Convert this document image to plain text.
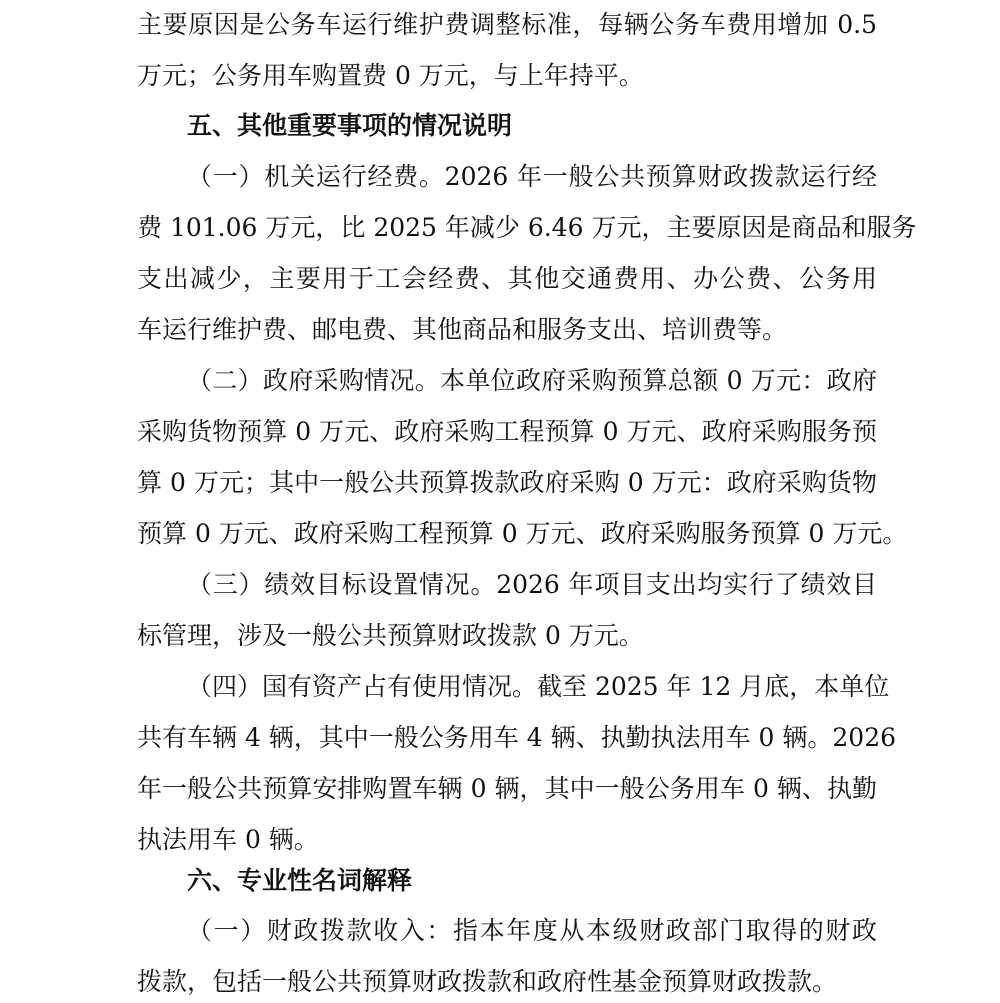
主要原因是公务车运行维护费调整标准，每辆公务车费用增加 0.5
万元；公务用车购置费 0 万元，与上年持平。
五、其他重要事项的情况说明
（一）机关运行经费。2026 年一般公共预算财政拨款运行经
费 101.06 万元，比 2025 年减少 6.46 万元，主要原因是商品和服务
支出减少，主要用于工会经费、其他交通费用、办公费、公务用
车运行维护费、邮电费、其他商品和服务支出、培训费等。
（二）政府采购情况。本单位政府采购预算总额 0 万元：政府
采购货物预算 0 万元、政府采购工程预算 0 万元、政府采购服务预
算 0 万元；其中一般公共预算拨款政府采购 0 万元：政府采购货物
预算 0 万元、政府采购工程预算 0 万元、政府采购服务预算 0 万元。
（三）绩效目标设置情况。2026 年项目支出均实行了绩效目
标管理，涉及一般公共预算财政拨款 0 万元。
（四）国有资产占有使用情况。截至 2025 年 12 月底，本单位
共有车辆 4 辆，其中一般公务用车 4 辆、执勤执法用车 0 辆。2026
年一般公共预算安排购置车辆 0 辆，其中一般公务用车 0 辆、执勤
执法用车 0 辆。
六、专业性名词解释
（一）财政拨款收入：指本年度从本级财政部门取得的财政
拨款，包括一般公共预算财政拨款和政府性基金预算财政拨款。
